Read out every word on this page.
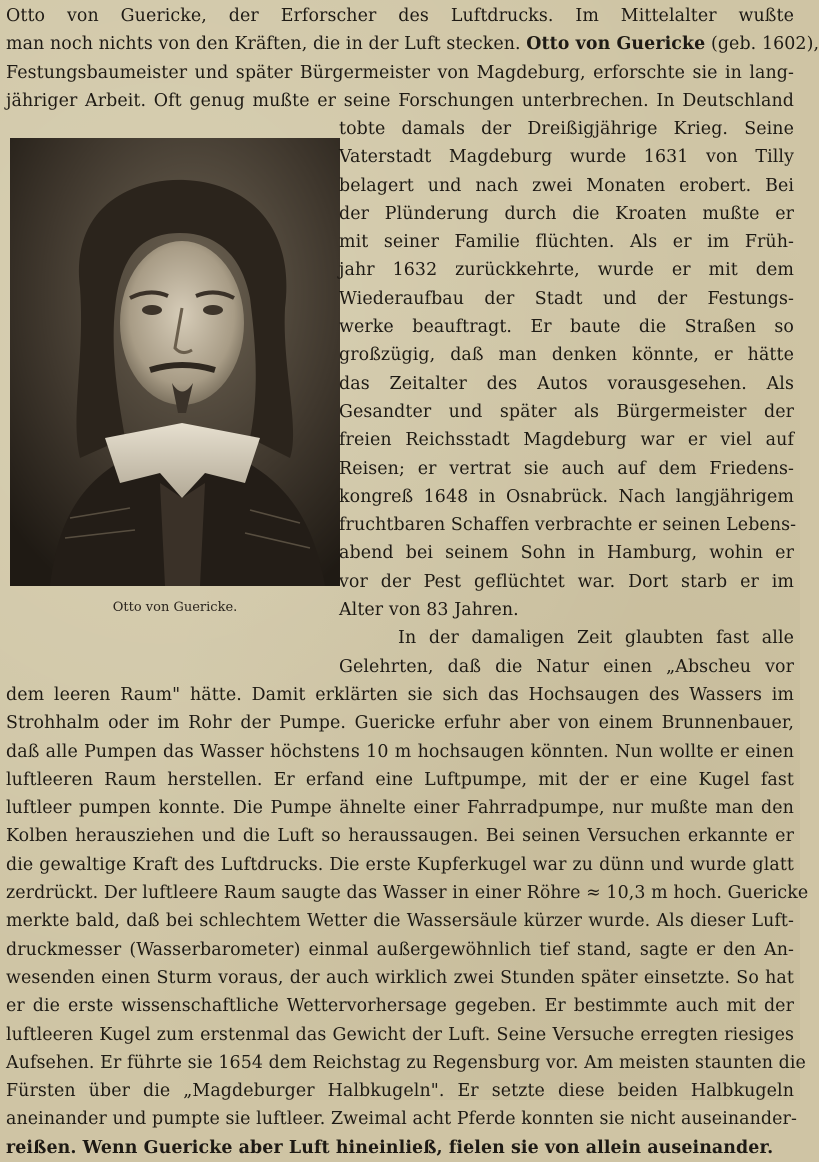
Otto von Guericke.
Otto von Guericke, der Erforscher des Luftdrucks. Im Mittelalter wußte
man noch nichts von den Kräften, die in der Luft stecken. Otto von Guericke (geb. 1602),
Festungsbaumeister und später Bürgermeister von Magdeburg, erforschte sie in lang-
jähriger Arbeit. Oft genug mußte er seine Forschungen unterbrechen. In Deutschland
tobte damals der Dreißigjährige Krieg. Seine
Vaterstadt Magdeburg wurde 1631 von Tilly
belagert und nach zwei Monaten erobert. Bei
der Plünderung durch die Kroaten mußte er
mit seiner Familie flüchten. Als er im Früh-
jahr 1632 zurückkehrte, wurde er mit dem
Wiederaufbau der Stadt und der Festungs-
werke beauftragt. Er baute die Straßen so
großzügig, daß man denken könnte, er hätte
das Zeitalter des Autos vorausgesehen. Als
Gesandter und später als Bürgermeister der
freien Reichsstadt Magdeburg war er viel auf
Reisen; er vertrat sie auch auf dem Friedens-
kongreß 1648 in Osnabrück. Nach langjährigem
fruchtbaren Schaffen verbrachte er seinen Lebens-
abend bei seinem Sohn in Hamburg, wohin er
vor der Pest geflüchtet war. Dort starb er im
Alter von 83 Jahren.
In der damaligen Zeit glaubten fast alle
Gelehrten, daß die Natur einen „Abscheu vor
dem leeren Raum" hätte. Damit erklärten sie sich das Hochsaugen des Wassers im
Strohhalm oder im Rohr der Pumpe. Guericke erfuhr aber von einem Brunnenbauer,
daß alle Pumpen das Wasser höchstens 10 m hochsaugen könnten. Nun wollte er einen
luftleeren Raum herstellen. Er erfand eine Luftpumpe, mit der er eine Kugel fast
luftleer pumpen konnte. Die Pumpe ähnelte einer Fahrradpumpe, nur mußte man den
Kolben herausziehen und die Luft so heraussaugen. Bei seinen Versuchen erkannte er
die gewaltige Kraft des Luftdrucks. Die erste Kupferkugel war zu dünn und wurde glatt
zerdrückt. Der luftleere Raum saugte das Wasser in einer Röhre ≈ 10,3 m hoch. Guericke
merkte bald, daß bei schlechtem Wetter die Wassersäule kürzer wurde. Als dieser Luft-
druckmesser (Wasserbarometer) einmal außergewöhnlich tief stand, sagte er den An-
wesenden einen Sturm voraus, der auch wirklich zwei Stunden später einsetzte. So hat
er die erste wissenschaftliche Wettervorhersage gegeben. Er bestimmte auch mit der
luftleeren Kugel zum erstenmal das Gewicht der Luft. Seine Versuche erregten riesiges
Aufsehen. Er führte sie 1654 dem Reichstag zu Regensburg vor. Am meisten staunten die
Fürsten über die „Magdeburger Halbkugeln". Er setzte diese beiden Halbkugeln
aneinander und pumpte sie luftleer. Zweimal acht Pferde konnten sie nicht auseinander-
reißen. Wenn Guericke aber Luft hineinließ, fielen sie von allein auseinander.
